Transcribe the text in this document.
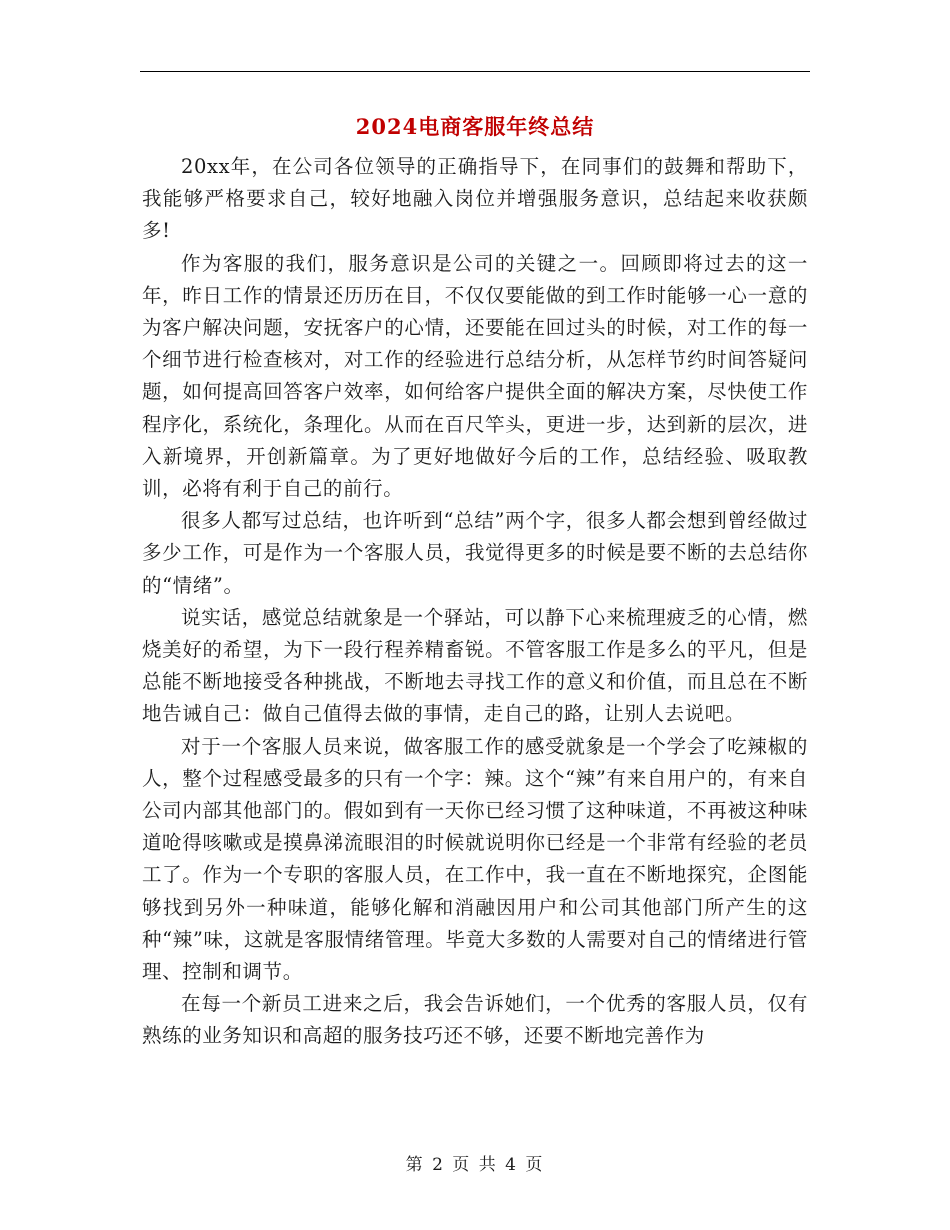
2024电商客服年终总结

20xx年，在公司各位领导的正确指导下，在同事们的鼓舞和帮助下，我能够严格要求自己，较好地融入岗位并增强服务意识，总结起来收获颇多!

作为客服的我们，服务意识是公司的关键之一。回顾即将过去的这一年，昨日工作的情景还历历在目，不仅仅要能做的到工作时能够一心一意的为客户解决问题，安抚客户的心情，还要能在回过头的时候，对工作的每一个细节进行检查核对，对工作的经验进行总结分析，从怎样节约时间答疑问题，如何提高回答客户效率，如何给客户提供全面的解决方案，尽快使工作程序化，系统化，条理化。从而在百尺竿头，更进一步，达到新的层次，进入新境界，开创新篇章。为了更好地做好今后的工作，总结经验、吸取教训，必将有利于自己的前行。

很多人都写过总结，也许听到“总结”两个字，很多人都会想到曾经做过多少工作，可是作为一个客服人员，我觉得更多的时候是要不断的去总结你的“情绪”。

说实话，感觉总结就象是一个驿站，可以静下心来梳理疲乏的心情，燃烧美好的希望，为下一段行程养精畜锐。不管客服工作是多么的平凡，但是总能不断地接受各种挑战，不断地去寻找工作的意义和价值，而且总在不断地告诫自己：做自己值得去做的事情，走自己的路，让别人去说吧。

对于一个客服人员来说，做客服工作的感受就象是一个学会了吃辣椒的人，整个过程感受最多的只有一个字：辣。这个“辣”有来自用户的，有来自公司内部其他部门的。假如到有一天你已经习惯了这种味道，不再被这种味道呛得咳嗽或是摸鼻涕流眼泪的时候就说明你已经是一个非常有经验的老员工了。作为一个专职的客服人员，在工作中，我一直在不断地探究，企图能够找到另外一种味道，能够化解和消融因用户和公司其他部门所产生的这种“辣”味，这就是客服情绪管理。毕竟大多数的人需要对自己的情绪进行管理、控制和调节。

在每一个新员工进来之后，我会告诉她们，一个优秀的客服人员，仅有熟练的业务知识和高超的服务技巧还不够，还要不断地完善作为

第 2 页 共 4 页
